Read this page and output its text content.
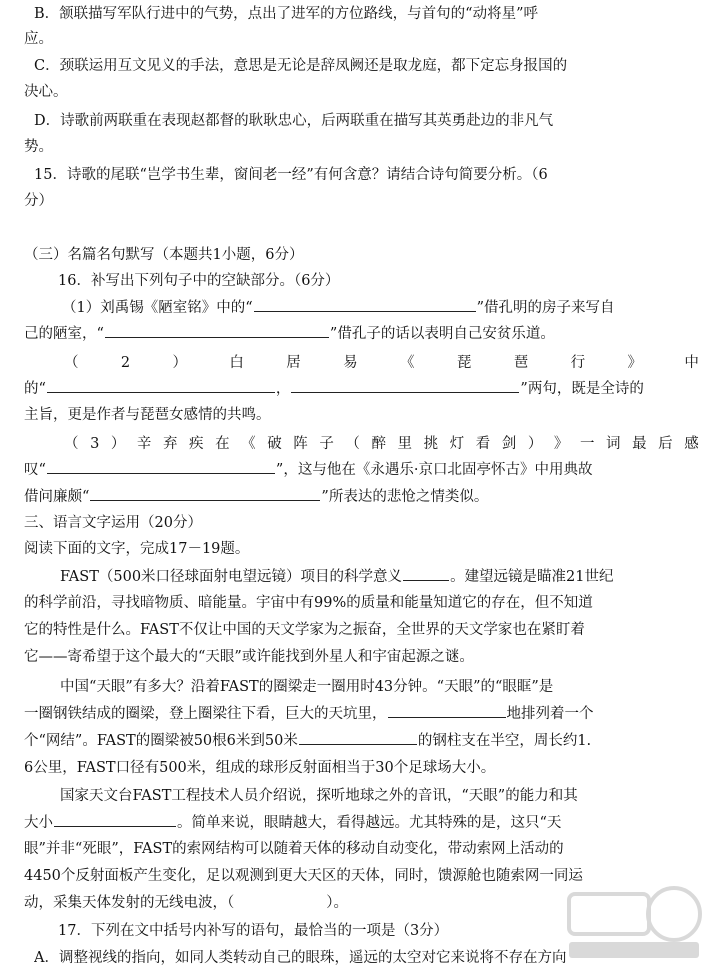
B．颔联描写军队行进中的气势，点出了进军的方位路线，与首句的“动将星”呼
应。
C．颈联运用互文见义的手法，意思是无论是辞凤阙还是取龙庭，都下定忘身报国的
决心。
D．诗歌前两联重在表现赵都督的耿耿忠心，后两联重在描写其英勇赴边的非凡气
势。
15．诗歌的尾联“岂学书生辈，窗间老一经”有何含意？请结合诗句简要分析。（6
分）
（三）名篇名句默写（本题共1小题，6分）
16．补写出下列句子中的空缺部分。（6分）
（1）刘禹锡《陋室铭》中的“	”借孔明的房子来写自
己的陋室，“	”借孔子的话以表明自己安贫乐道。
（	2	）	白	居	易	《	琵	琶	行	》	中
的“	，	”两句，既是全诗的
主旨，更是作者与琵琶女感情的共鸣。
（ 3 ） 辛 弃 疾 在 《 破 阵 子 （ 醉 里 挑 灯 看 剑 ） 》 一 词 最 后 感
叹“	”，这与他在《永遇乐·京口北固亭怀古》中用典故
借问廉颇“	”所表达的悲怆之情类似。
三、语言文字运用（20分）
阅读下面的文字，完成17－19题。
FAST（500米口径球面射电望远镜）项目的科学意义	。建望远镜是瞄准21世纪
的科学前沿，寻找暗物质、暗能量。宇宙中有99%的质量和能量知道它的存在，但不知道
它的特性是什么。FAST不仅让中国的天文学家为之振奋，全世界的天文学家也在紧盯着
它——寄希望于这个最大的“天眼”或许能找到外星人和宇宙起源之谜。
中国“天眼”有多大？沿着FAST的圈梁走一圈用时43分钟。“天眼”的“眼眶”是
一圈钢铁结成的圈梁，登上圈梁往下看，巨大的天坑里，	地排列着一个
个“网结”。FAST的圈梁被50根6米到50米	的钢柱支在半空，周长约1.
6公里，FAST口径有500米，组成的球形反射面相当于30个足球场大小。
国家天文台FAST工程技术人员介绍说，探听地球之外的音讯，“天眼”的能力和其
大小	。简单来说，眼睛越大，看得越远。尤其特殊的是，这只“天
眼”并非“死眼”，FAST的索网结构可以随着天体的移动自动变化，带动索网上活动的
4450个反射面板产生变化，足以观测到更大天区的天体，同时，馈源舱也随索网一同运
动，采集天体发射的无线电波，（	）。
17．下列在文中括号内补写的语句，最恰当的一项是（3分）
A．调整视线的指向，如同人类转动自己的眼珠，遥远的太空对它来说将不存在方向
